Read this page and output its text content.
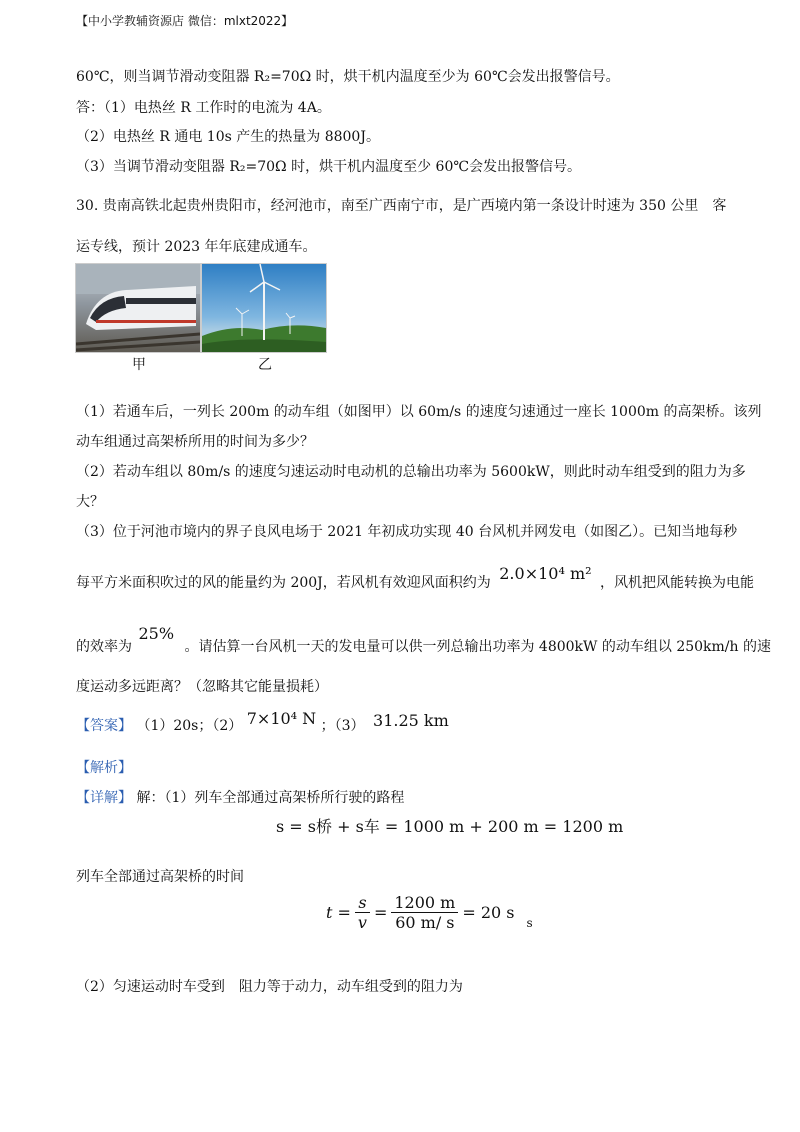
【中小学教辅资源店 微信：mlxt2022】
60℃，则当调节滑动变阻器 R₂=70Ω 时，烘干机内温度至少为 60℃会发出报警信号。
答：（1）电热丝 R 工作时的电流为 4A。
（2）电热丝 R 通电 10s 产生的热量为 8800J。
（3）当调节滑动变阻器 R₂=70Ω 时，烘干机内温度至少 60℃会发出报警信号。
30. 贵南高铁北起贵州贵阳市，经河池市，南至广西南宁市，是广西境内第一条设计时速为 350 公里　客
运专线，预计 2023 年年底建成通车。
甲	乙
（1）若通车后，一列长 200m 的动车组（如图甲）以 60m/s 的速度匀速通过一座长 1000m 的高架桥。该列
动车组通过高架桥所用的时间为多少？
（2）若动车组以 80m/s 的速度匀速运动时电动机的总输出功率为 5600kW，则此时动车组受到的阻力为多
大？
（3）位于河池市境内的界子良风电场于 2021 年初成功实现 40 台风机并网发电（如图乙）。已知当地每秒
每平方米面积吹过的风的能量约为 200J，若风机有效迎风面积约为 2.0×10⁴ m² ，风机把风能转换为电能
的效率为 25% 。请估算一台风机一天的发电量可以供一列总输出功率为 4800kW 的动车组以 250km/h 的速
度运动多远距离？（忽略其它能量损耗）
【答案】 （1）20s；（2） 7×10⁴ N ；（3） 31.25 km
【解析】
【详解】 解：（1）列车全部通过高架桥所行驶的路程
s = s桥 + s车 = 1000 m + 200 m = 1200 m
列车全部通过高架桥的时间
$t = \frac{s}{v} = \frac{1200 m}{60 m/ s} = 20$ s
s
（2）匀速运动时车受到　阻力等于动力，动车组受到的阻力为
